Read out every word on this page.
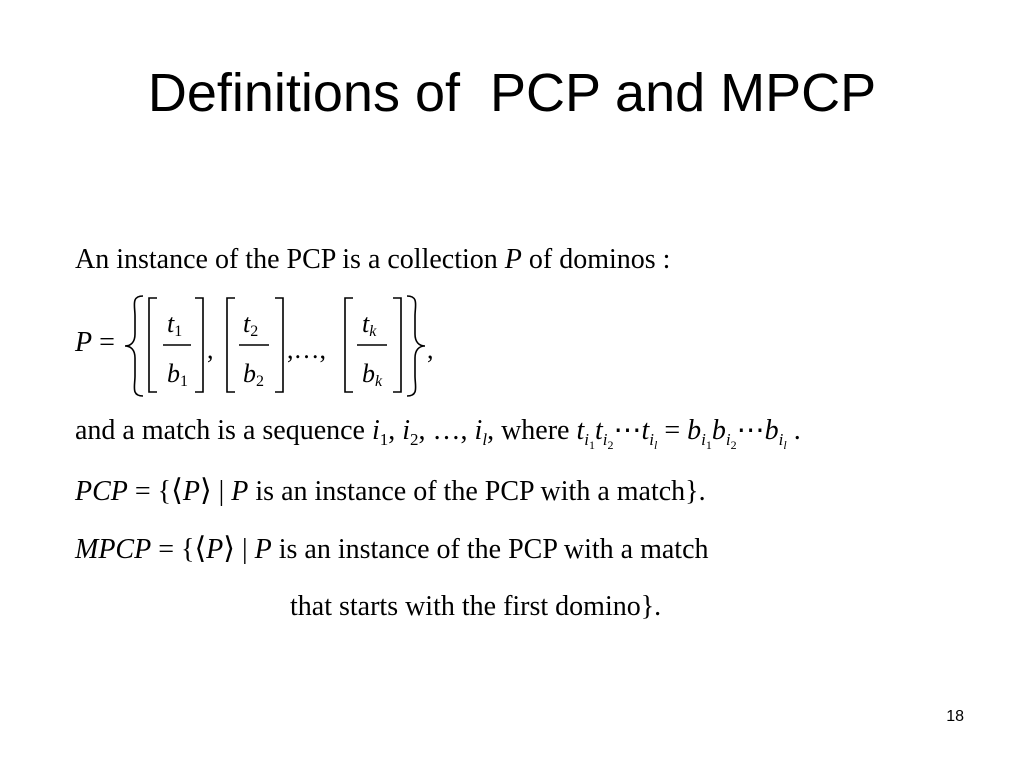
Definitions of  PCP and MPCP
An instance of the PCP is a collection P of dominos :
P =
t1
b1
,
t2
b2
,…,
tk
bk
,
and a match is a sequence $i_1$, $i_2$, …, $i_l$, where $t_{i_1}t_{i_2}\cdots t_{i_l}$ = $b_{i_1}b_{i_2}\cdots b_{i_l}$ .
PCP = {⟨P⟩ | P is an instance of the PCP with a match}.
MPCP = {⟨P⟩ | P is an instance of the PCP with a match
that starts with the first domino}.
18
